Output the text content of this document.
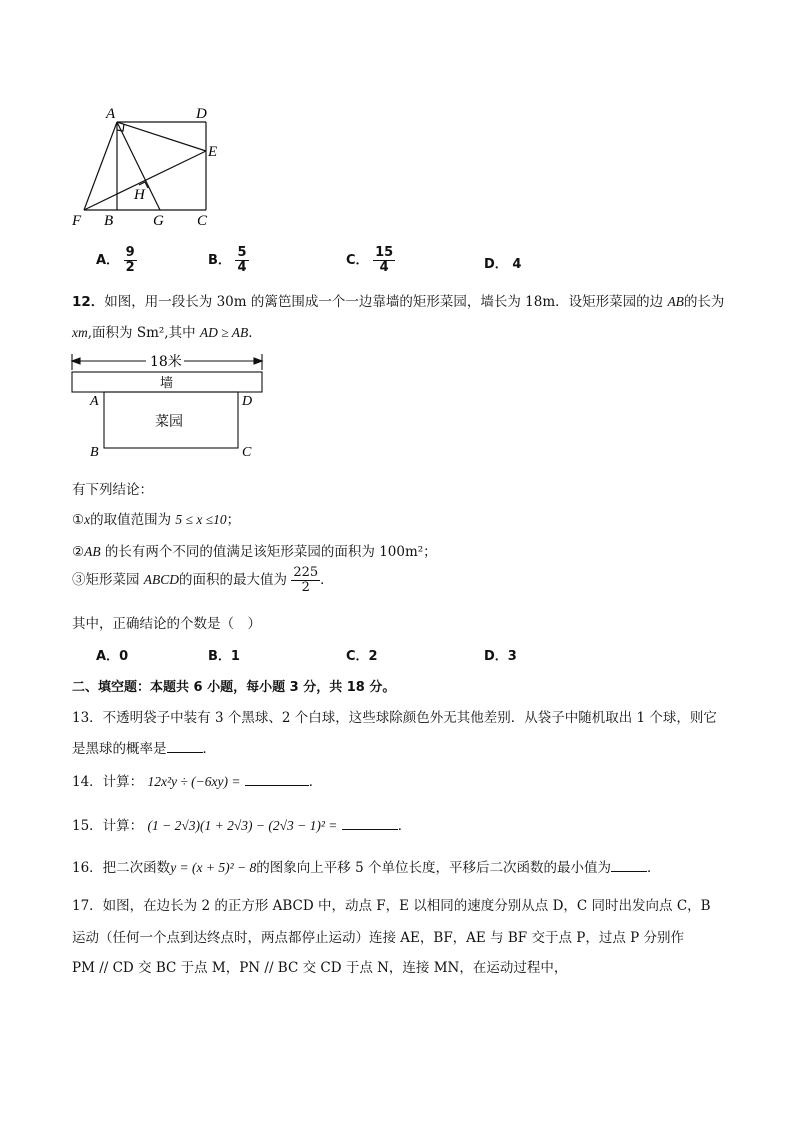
A	D
E
H
F B	G C
A． $\frac{9}{2}$	B． $\frac{5}{4}$	C． $\frac{15}{4}$	D． 4
12．如图，用一段长为 30m 的篱笆围成一个一边靠墙的矩形菜园，墙长为 18m．设矩形菜园的边 AB的长为
xm,面积为 Sm²,其中 AD ≥ AB．
18米
墙
菜园
A	D
B	C
有下列结论：
①x的取值范围为 5 ≤ x ≤10；
②AB 的长有两个不同的值满足该矩形菜园的面积为 100m²；
③矩形菜园 ABCD的面积的最大值为 $\frac{225}{2}$ ．
其中，正确结论的个数是（　）
A．0	B．1	C．2	D．3
二、填空题：本题共 6 小题，每小题 3 分，共 18 分。
13．不透明袋子中装有 3 个黑球、2 个白球，这些球除颜色外无其他差别．从袋子中随机取出 1 个球，则它
是黑球的概率是	．
14．计算： 12x²y ÷ (−6xy) =	．
15．计算： (1 − 2√3)(1 + 2√3) − (2√3 − 1)² =	．
16．把二次函数y = (x + 5)² − 8的图象向上平移 5 个单位长度，平移后二次函数的最小值为	．
17．如图，在边长为 2 的正方形 ABCD 中，动点 F，E 以相同的速度分别从点 D，C 同时出发向点 C，B
运动（任何一个点到达终点时，两点都停止运动）连接 AE，BF，AE 与 BF 交于点 P，过点 P 分别作
PM // CD 交 BC 于点 M，PN // BC 交 CD 于点 N，连接 MN，在运动过程中，
